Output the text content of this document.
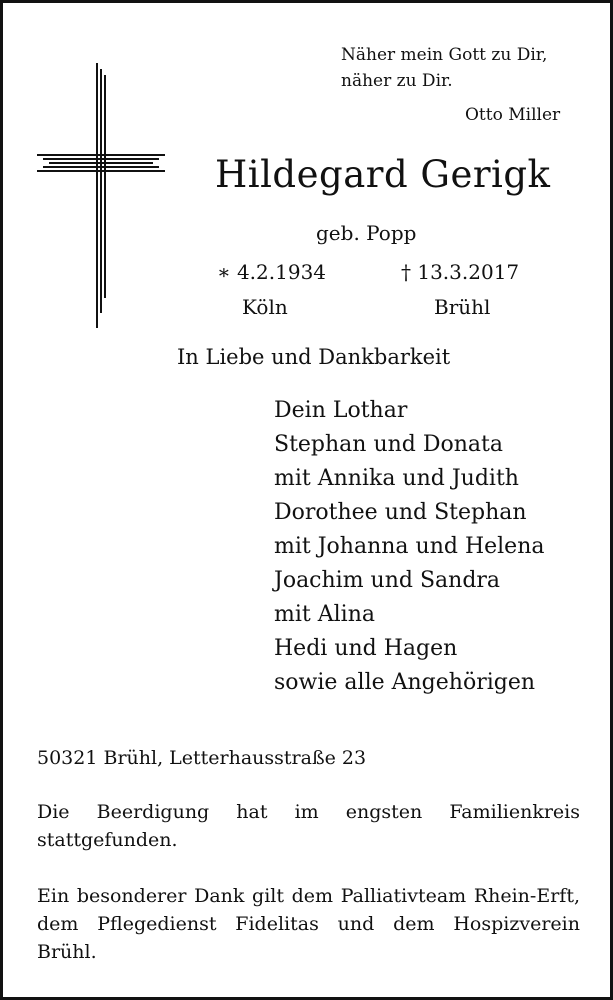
Näher mein Gott zu Dir,
näher zu Dir.
Otto Miller
Hildegard Gerigk
geb. Popp
∗ 4.2.1934	† 13.3.2017
Köln	Brühl
In Liebe und Dankbarkeit
Dein Lothar
Stephan und Donata
mit Annika und Judith
Dorothee und Stephan
mit Johanna und Helena
Joachim und Sandra
mit Alina
Hedi und Hagen
sowie alle Angehörigen
50321 Brühl, Letterhausstraße 23
Die Beerdigung hat im engsten Familienkreis stattgefunden.
Ein besonderer Dank gilt dem Palliativteam Rhein-Erft, dem Pflegedienst Fidelitas und dem Hospizverein Brühl.
